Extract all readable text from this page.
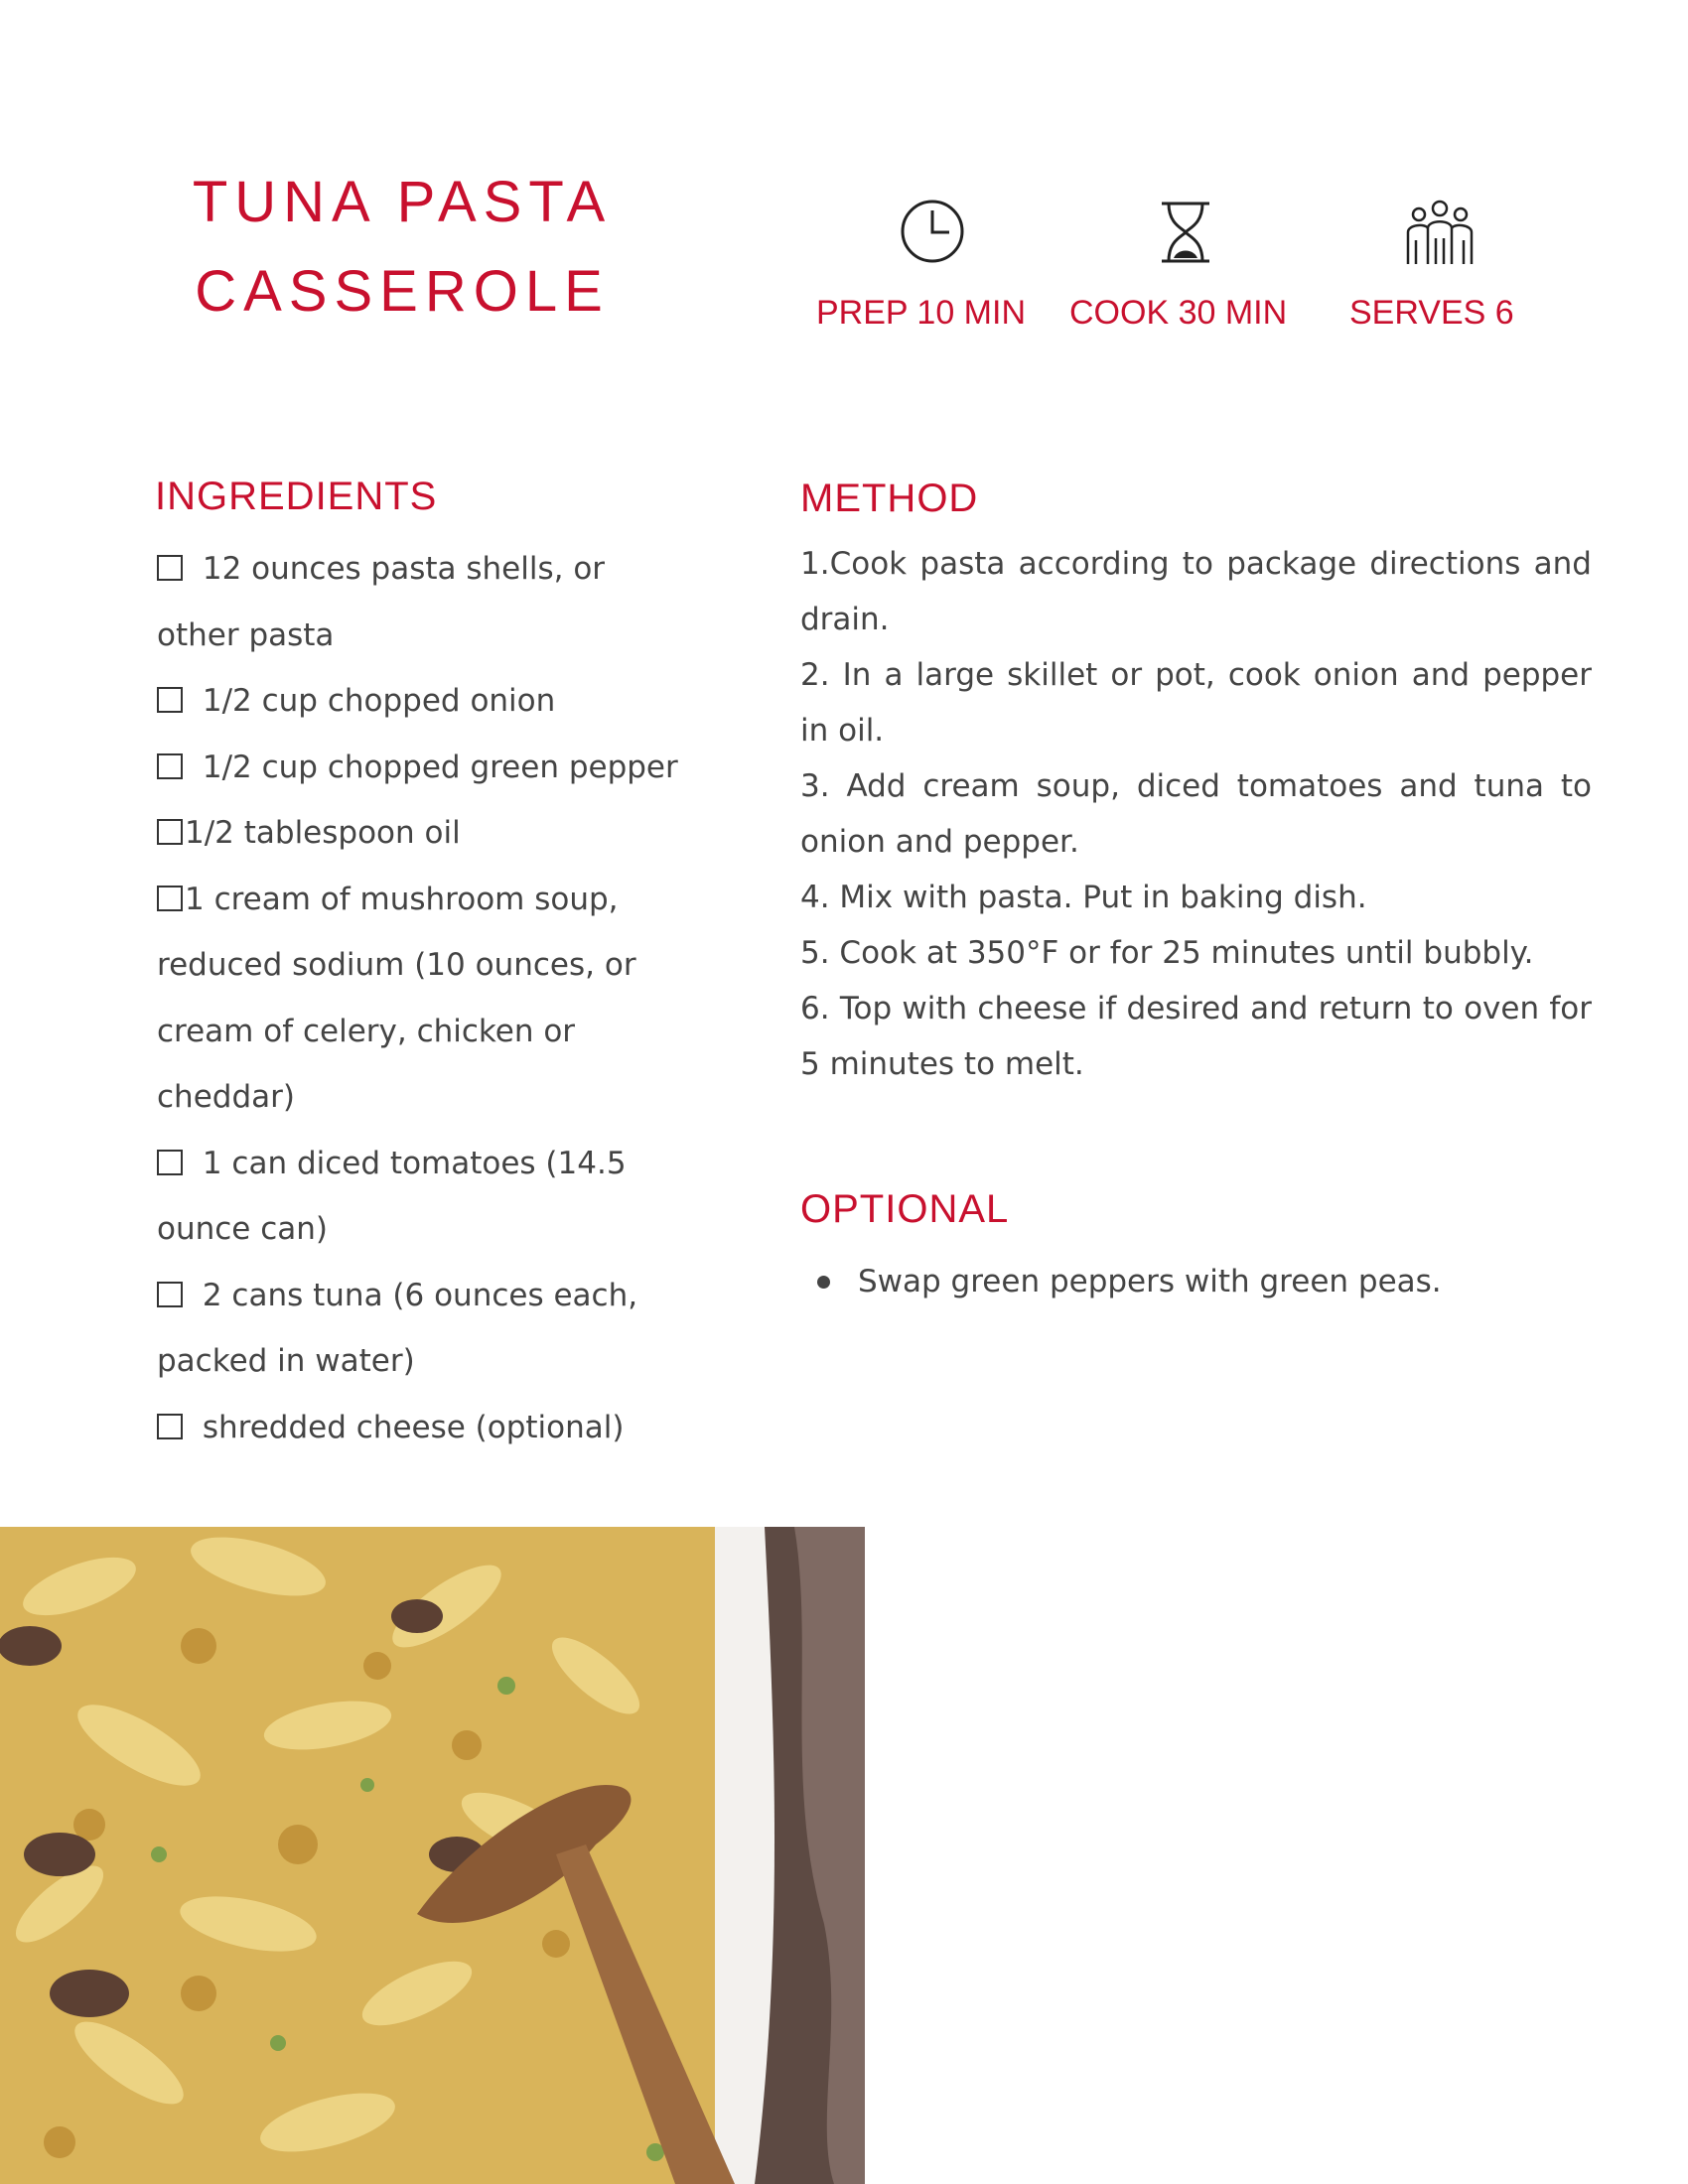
TUNA PASTA
CASSEROLE	PREP 10 MIN COOK 30 MIN SERVES 6
INGREDIENTS
12 ounces pasta shells, or other pasta
1/2 cup chopped onion
1/2 cup chopped green pepper
1/2 tablespoon oil
1 cream of mushroom soup, reduced sodium (10 ounces, or cream of celery, chicken or cheddar)
1 can diced tomatoes (14.5 ounce can)
2 cans tuna (6 ounces each, packed in water)
shredded cheese (optional)
METHOD
1.Cook pasta according to package directions and drain.
2. In a large skillet or pot, cook onion and pepper in oil.
3. Add cream soup, diced tomatoes and tuna to onion and pepper.
4. Mix with pasta. Put in baking dish.
5. Cook at 350°F or for 25 minutes until bubbly.
6. Top with cheese if desired and return to oven for 5 minutes to melt.
OPTIONAL
Swap green peppers with green peas.
